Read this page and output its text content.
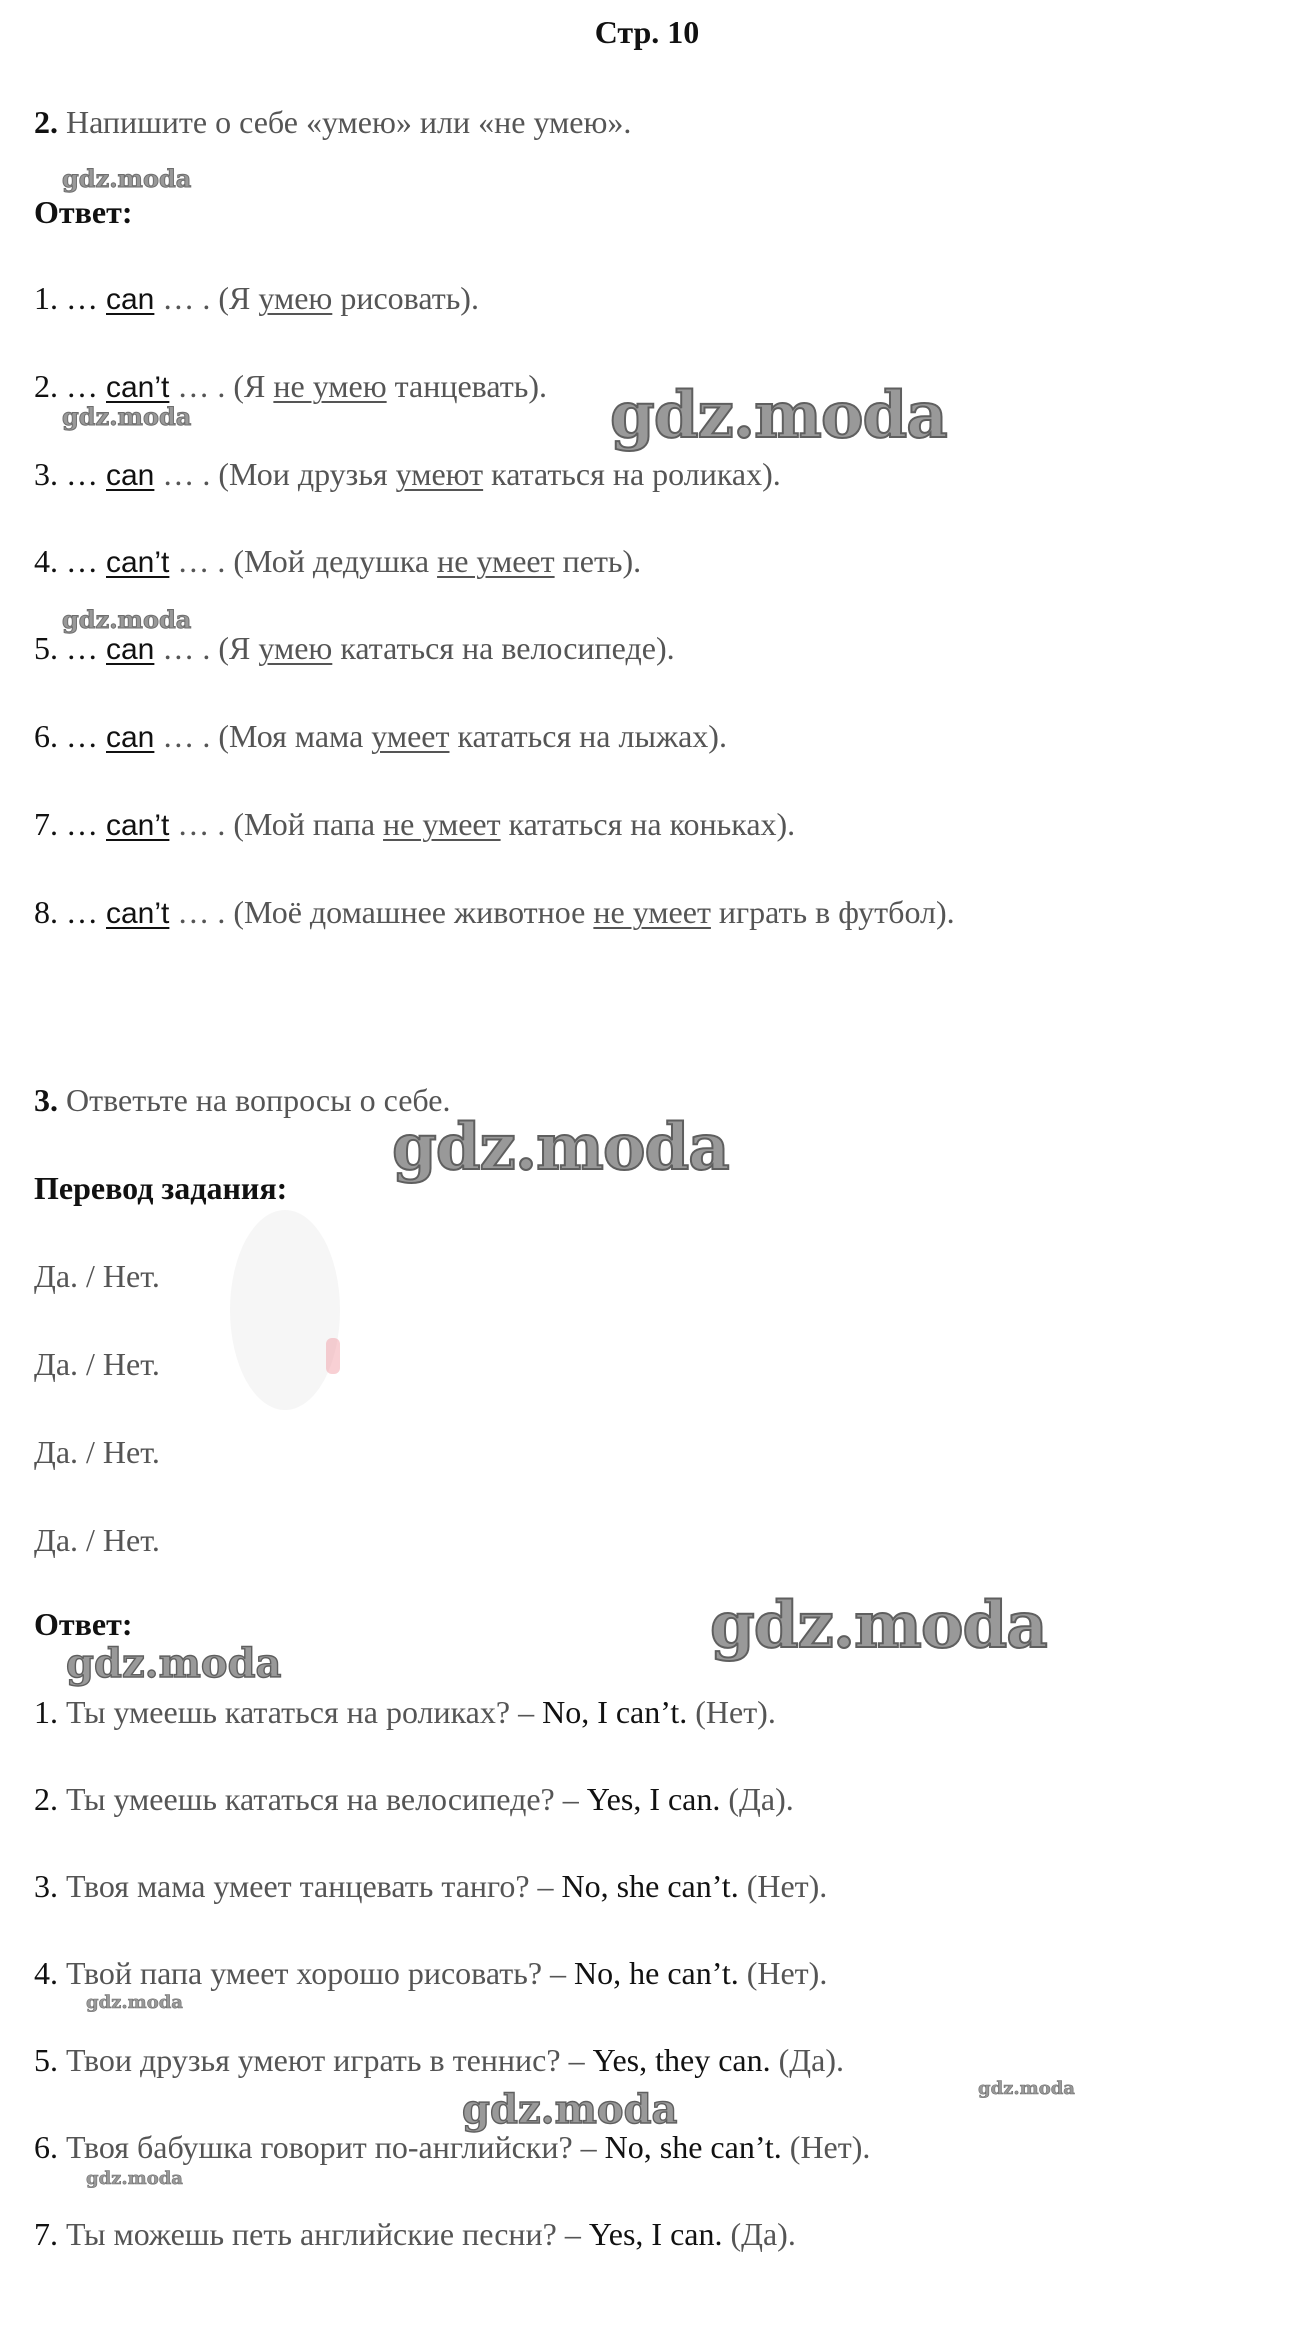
Стр. 10
2. Напишите о себе «умею» или «не умею».
Ответ:
1. … can … . (Я умею рисовать).
2. … can’t … . (Я не умею танцевать).
3. … can … . (Мои друзья умеют кататься на роликах).
4. … can’t … . (Мой дедушка не умеет петь).
5. … can … . (Я умею кататься на велосипеде).
6. … can … . (Моя мама умеет кататься на лыжах).
7. … can’t … . (Мой папа не умеет кататься на коньках).
8. … can’t … . (Моё домашнее животное не умеет играть в футбол).
3. Ответьте на вопросы о себе.
Перевод задания:
Да. / Нет.
Да. / Нет.
Да. / Нет.
Да. / Нет.
Ответ:
1. Ты умеешь кататься на роликах? – No, I can’t. (Нет).
2. Ты умеешь кататься на велосипеде? – Yes, I can. (Да).
3. Твоя мама умеет танцевать танго? – No, she can’t. (Нет).
4. Твой папа умеет хорошо рисовать? – No, he can’t. (Нет).
5. Твои друзья умеют играть в теннис? – Yes, they can. (Да).
6. Твоя бабушка говорит по-английски? – No, she can’t. (Нет).
7. Ты можешь петь английские песни? – Yes, I can. (Да).
gdz.moda
gdz.moda
gdz.moda
gdz.moda
gdz.moda
gdz.moda
gdz.moda
gdz.moda
gdz.moda
gdz.moda
gdz.moda
